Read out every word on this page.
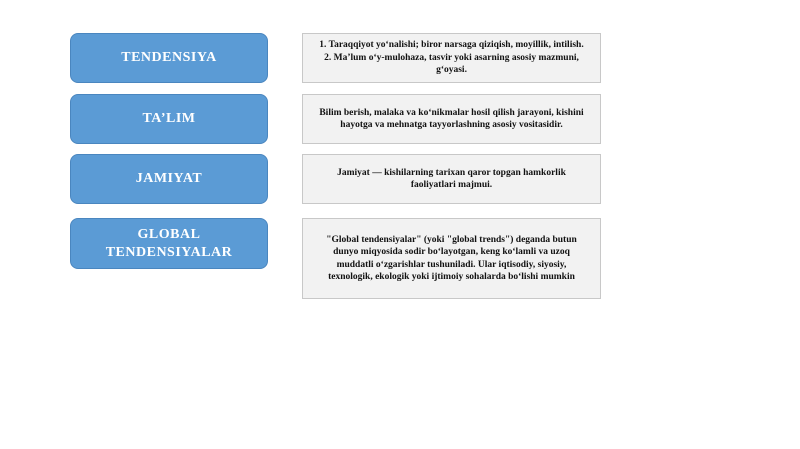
TENDENSIYA
1. Taraqqiyot yo‘nalishi; biror narsaga qiziqish, moyillik, intilish.
2. Ma’lum o‘y-mulohaza, tasvir yoki asarning asosiy mazmuni, g‘oyasi.
TA’LIM	Bilim berish, malaka va ko‘nikmalar hosil qilish jarayoni, kishini hayotga va mehnatga tayyorlashning asosiy vositasidir.
JAMIYAT	Jamiyat — kishilarning tarixan qaror topgan hamkorlik faoliyatlari majmui.
GLOBAL TENDENSIYALAR
"Global tendensiyalar" (yoki "global trends") deganda butun dunyo miqyosida sodir bo‘layotgan, keng ko‘lamli va uzoq muddatli o‘zgarishlar tushuniladi. Ular iqtisodiy, siyosiy, texnologik, ekologik yoki ijtimoiy sohalarda bo‘lishi mumkin
